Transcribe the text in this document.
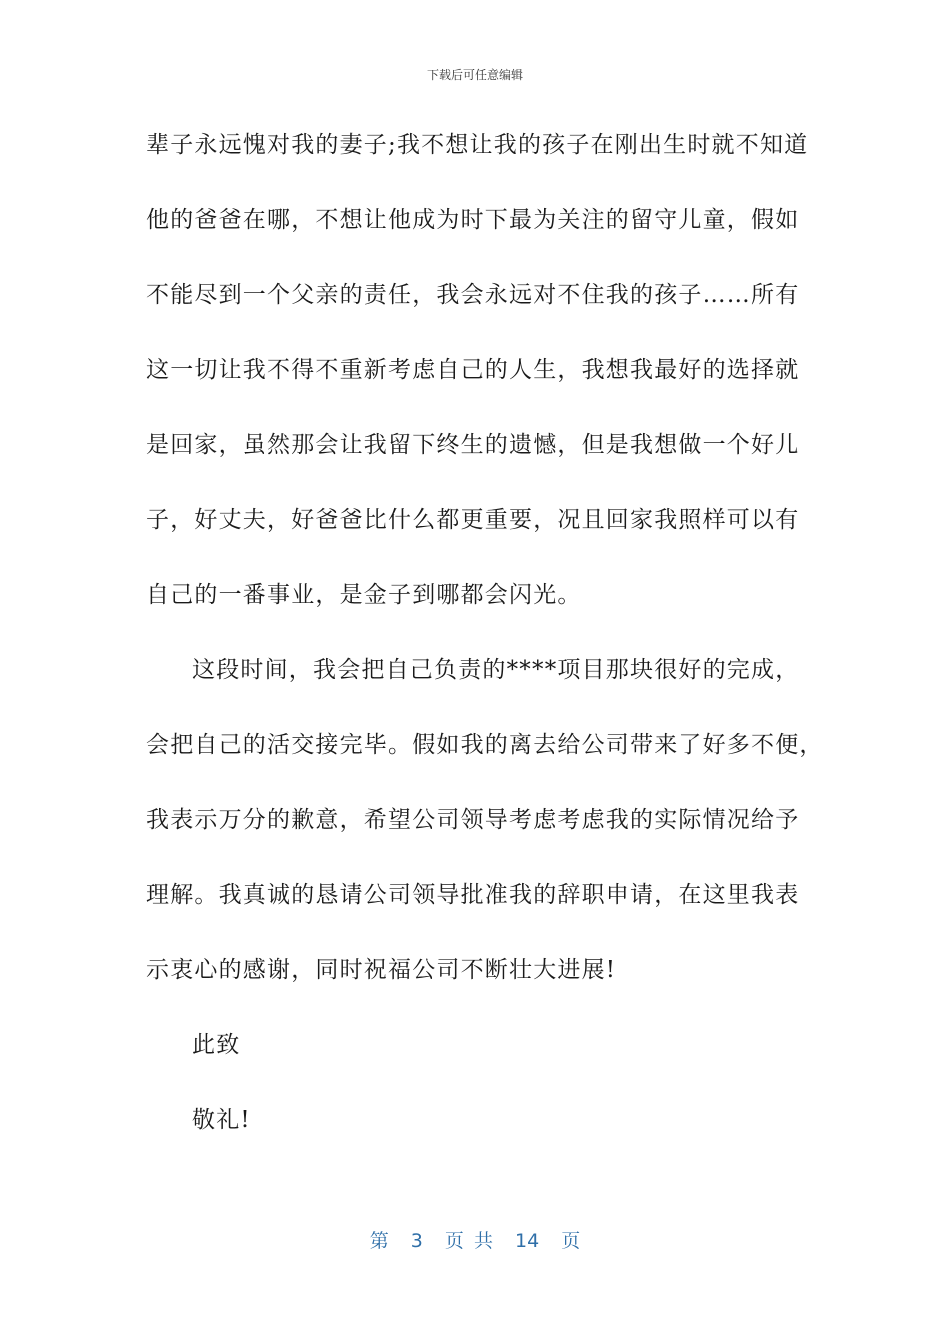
下载后可任意编辑
辈子永远愧对我的妻子;我不想让我的孩子在刚出生时就不知道
他的爸爸在哪，不想让他成为时下最为关注的留守儿童，假如
不能尽到一个父亲的责任，我会永远对不住我的孩子……所有
这一切让我不得不重新考虑自己的人生，我想我最好的选择就
是回家，虽然那会让我留下终生的遗憾，但是我想做一个好儿
子，好丈夫，好爸爸比什么都更重要，况且回家我照样可以有
自己的一番事业，是金子到哪都会闪光。
这段时间，我会把自己负责的****项目那块很好的完成，
会把自己的活交接完毕。假如我的离去给公司带来了好多不便，
我表示万分的歉意，希望公司领导考虑考虑我的实际情况给予
理解。我真诚的恳请公司领导批准我的辞职申请，在这里我表
示衷心的感谢，同时祝福公司不断壮大进展!
此致
敬礼!
第 3 页 共 14 页
